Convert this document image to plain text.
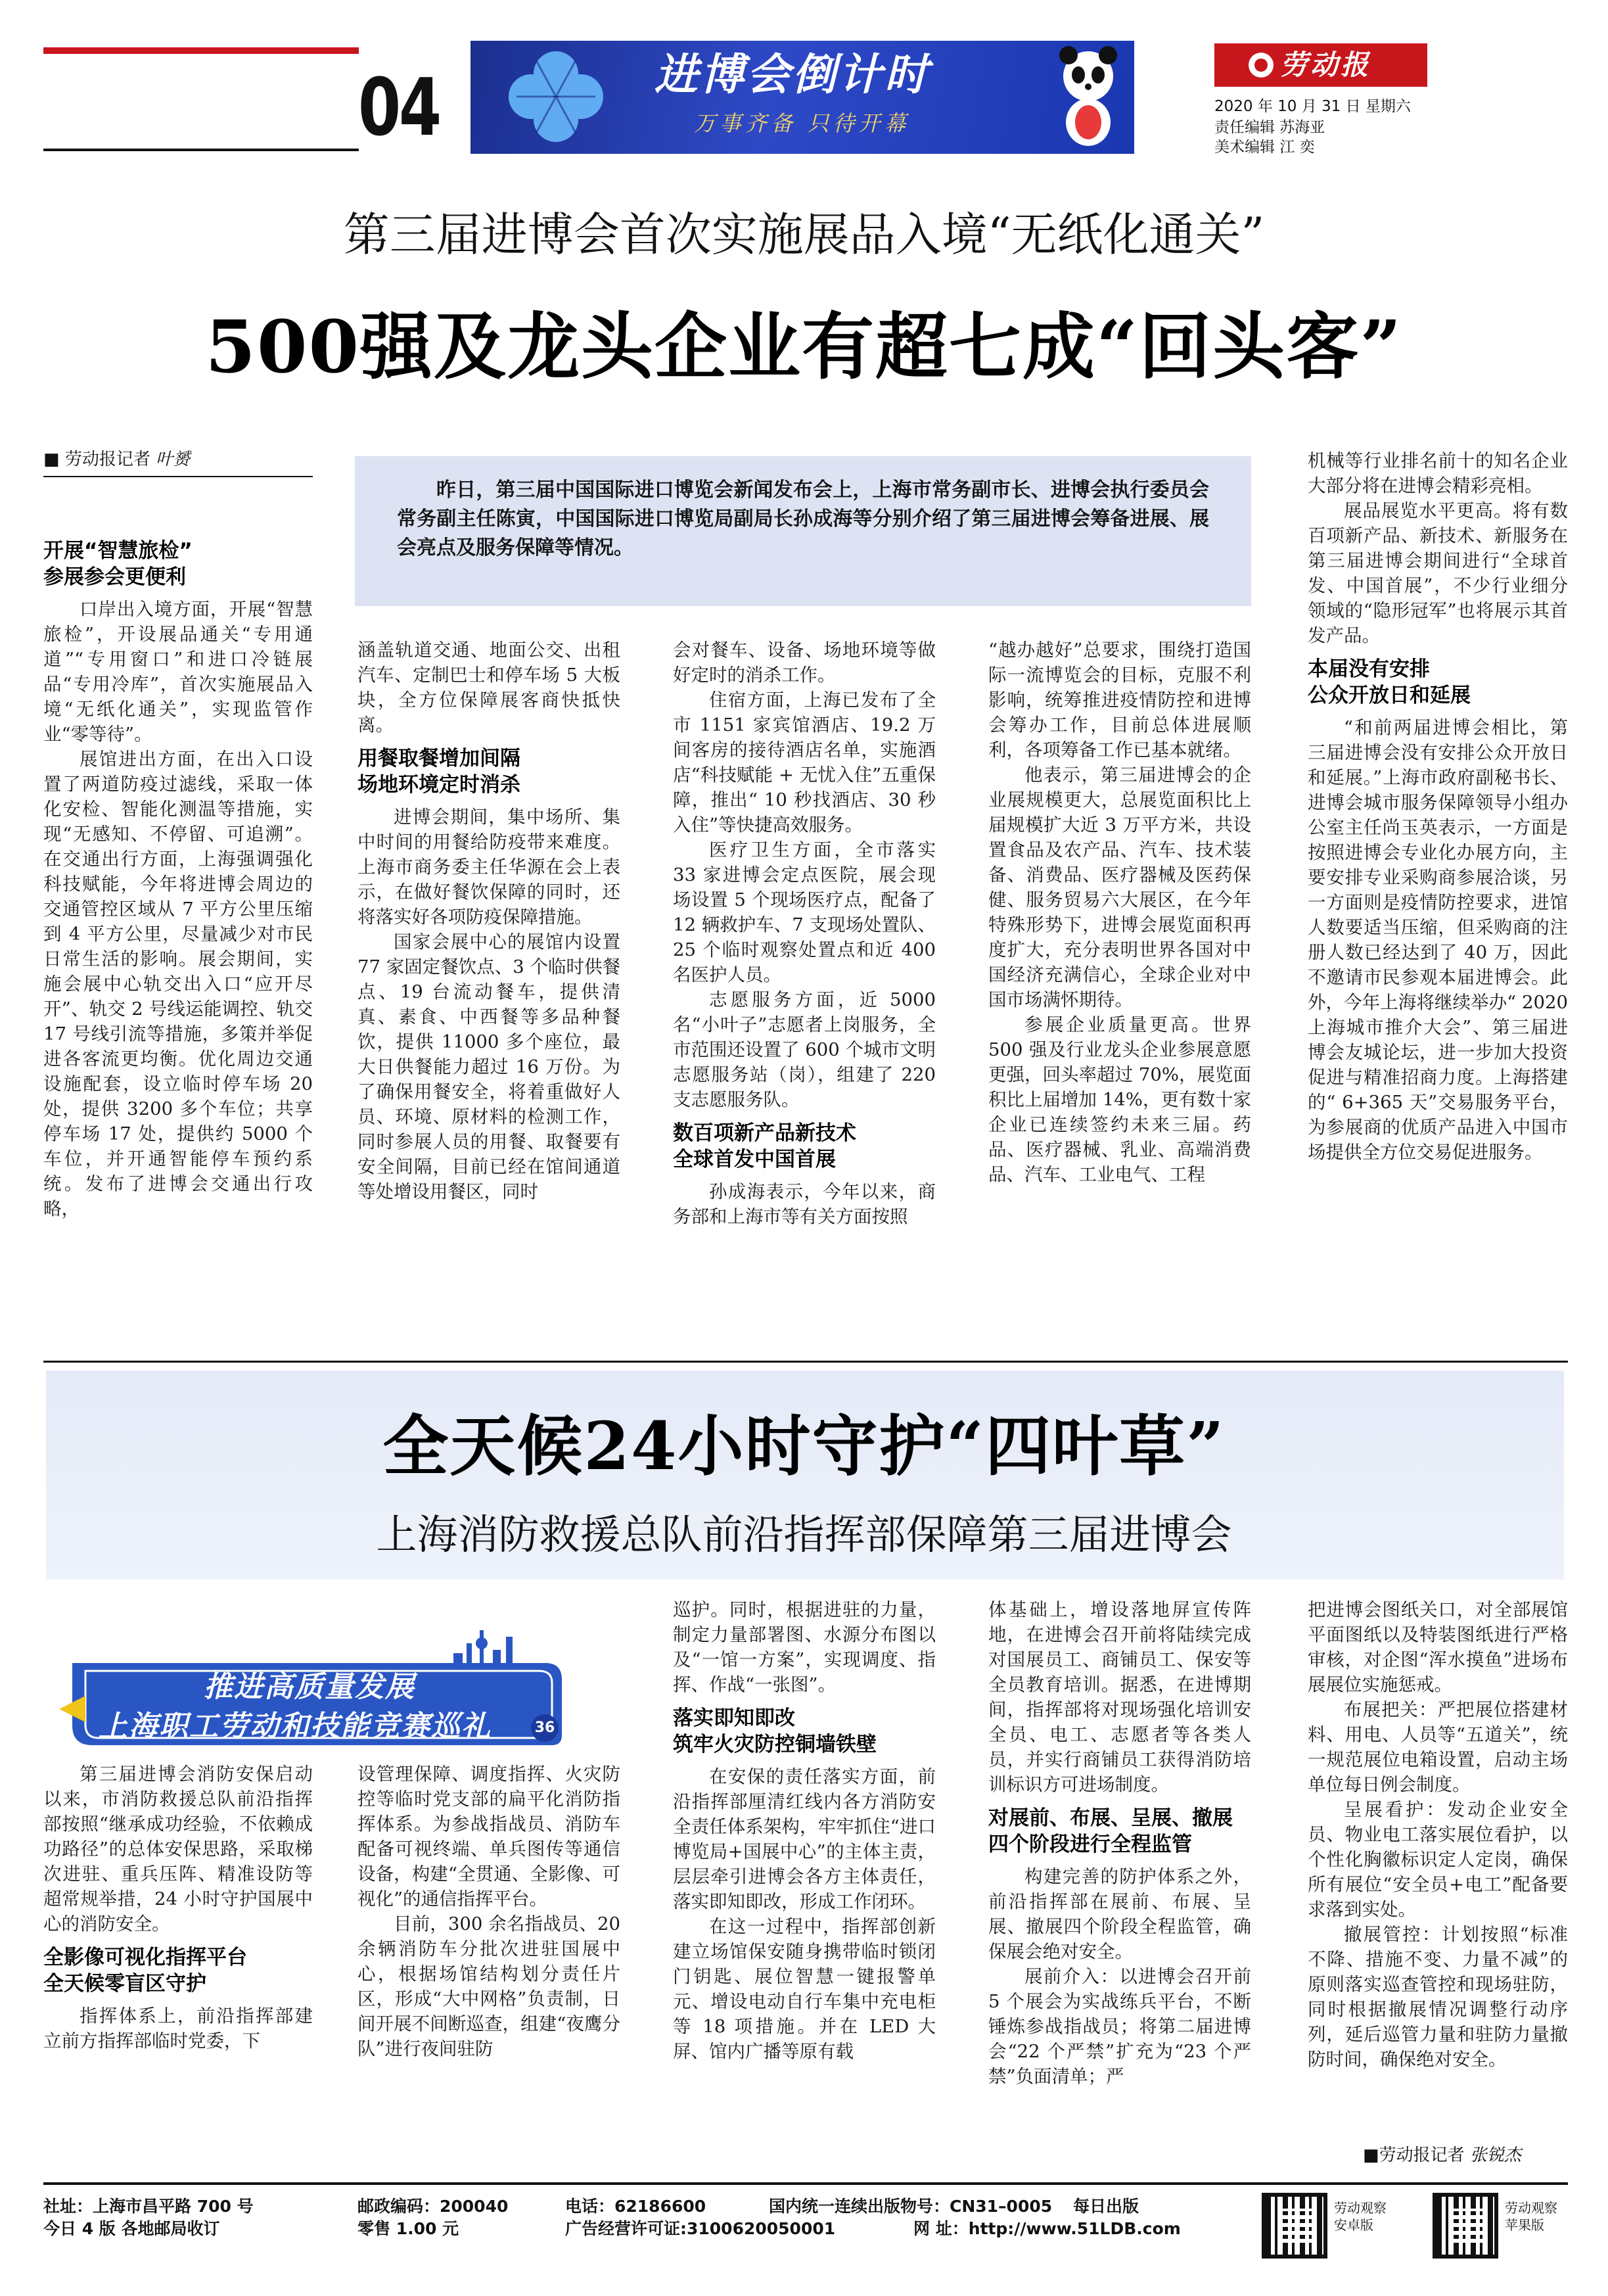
04	进博会倒计时
万事齐备 只待开幕
劳动报
2020 年 10 月 31 日 星期六
责任编辑 苏海亚
美术编辑 江 奕
第三届进博会首次实施展品入境“无纸化通关”
500强及龙头企业有超七成“回头客”
■ 劳动报记者 叶赟

昨日，第三届中国国际进口博览会新闻发布会上，上海市常务副市长、进博会执行委员会常务副主任陈寅，中国国际进口博览局副局长孙成海等分别介绍了第三届进博会筹备进展、展会亮点及服务保障等情况。

开展“智慧旅检”
参展参会更便利

口岸出入境方面，开展“智慧旅检”，开设展品通关“专用通道”“专用窗口”和进口冷链展品“专用冷库”，首次实施展品入境“无纸化通关”，实现监管作业“零等待”。

展馆进出方面，在出入口设置了两道防疫过滤线，采取一体化安检、智能化测温等措施，实现“无感知、不停留、可追溯”。在交通出行方面，上海强调强化科技赋能，今年将进博会周边的交通管控区域从 7 平方公里压缩到 4 平方公里，尽量减少对市民日常生活的影响。展会期间，实施会展中心轨交出入口“应开尽开”、轨交 2 号线运能调控、轨交 17 号线引流等措施，多策并举促进各客流更均衡。优化周边交通设施配套，设立临时停车场 20 处，提供 3200 多个车位；共享停车场 17 处，提供约 5000 个车位，并开通智能停车预约系统。发布了进博会交通出行攻略，

涵盖轨道交通、地面公交、出租汽车、定制巴士和停车场 5 大板块，全方位保障展客商快抵快离。

用餐取餐增加间隔
场地环境定时消杀

进博会期间，集中场所、集中时间的用餐给防疫带来难度。上海市商务委主任华源在会上表示，在做好餐饮保障的同时，还将落实好各项防疫保障措施。

国家会展中心的展馆内设置 77 家固定餐饮点、3 个临时供餐点、19 台流动餐车，提供清真、素食、中西餐等多品种餐饮，提供 11000 多个座位，最大日供餐能力超过 16 万份。为了确保用餐安全，将着重做好人员、环境、原材料的检测工作，同时参展人员的用餐、取餐要有安全间隔，目前已经在馆间通道等处增设用餐区，同时

会对餐车、设备、场地环境等做好定时的消杀工作。

住宿方面，上海已发布了全市 1151 家宾馆酒店、19.2 万间客房的接待酒店名单，实施酒店“科技赋能 + 无忧入住”五重保障，推出“ 10 秒找酒店、30 秒入住”等快捷高效服务。

医疗卫生方面，全市落实 33 家进博会定点医院，展会现场设置 5 个现场医疗点，配备了 12 辆救护车、7 支现场处置队、25 个临时观察处置点和近 400 名医护人员。

志愿服务方面，近 5000 名“小叶子”志愿者上岗服务，全市范围还设置了 600 个城市文明志愿服务站（岗），组建了 220 支志愿服务队。

数百项新产品新技术
全球首发中国首展

孙成海表示，今年以来，商务部和上海市等有关方面按照

“越办越好”总要求，围绕打造国际一流博览会的目标，克服不利影响，统筹推进疫情防控和进博会筹办工作，目前总体进展顺利，各项筹备工作已基本就绪。

他表示，第三届进博会的企业展规模更大，总展览面积比上届规模扩大近 3 万平方米，共设置食品及农产品、汽车、技术装备、消费品、医疗器械及医药保健、服务贸易六大展区，在今年特殊形势下，进博会展览面积再度扩大，充分表明世界各国对中国经济充满信心，全球企业对中国市场满怀期待。

参展企业质量更高。世界 500 强及行业龙头企业参展意愿更强，回头率超过 70%，展览面积比上届增加 14%，更有数十家企业已连续签约未来三届。药品、医疗器械、乳业、高端消费品、汽车、工业电气、工程

机械等行业排名前十的知名企业大部分将在进博会精彩亮相。

展品展览水平更高。将有数百项新产品、新技术、新服务在第三届进博会期间进行“全球首发、中国首展”，不少行业细分领域的“隐形冠军”也将展示其首发产品。

本届没有安排
公众开放日和延展

“和前两届进博会相比，第三届进博会没有安排公众开放日和延展。”上海市政府副秘书长、进博会城市服务保障领导小组办公室主任尚玉英表示，一方面是按照进博会专业化办展方向，主要安排专业采购商参展洽谈，另一方面则是疫情防控要求，进馆人数要适当压缩，但采购商的注册人数已经达到了 40 万，因此不邀请市民参观本届进博会。此外，今年上海将继续举办“ 2020 上海城市推介大会”、第三届进博会友城论坛，进一步加大投资促进与精准招商力度。上海搭建的“ 6+365 天”交易服务平台，为参展商的优质产品进入中国市场提供全方位交易促进服务。

全天候24小时守护“四叶草”
上海消防救援总队前沿指挥部保障第三届进博会
推进高质量发展
上海职工劳动和技能竞赛巡礼	36

第三届进博会消防安保启动以来，市消防救援总队前沿指挥部按照“继承成功经验，不依赖成功路径”的总体安保思路，采取梯次进驻、重兵压阵、精准设防等超常规举措，24 小时守护国展中心的消防安全。

全影像可视化指挥平台
全天候零盲区守护

指挥体系上，前沿指挥部建立前方指挥部临时党委，下

设管理保障、调度指挥、火灾防控等临时党支部的扁平化消防指挥体系。为参战指战员、消防车配备可视终端、单兵图传等通信设备，构建“全贯通、全影像、可视化”的通信指挥平台。

目前，300 余名指战员、20 余辆消防车分批次进驻国展中心，根据场馆结构划分责任片区，形成“大中网格”负责制，日间开展不间断巡查，组建“夜鹰分队”进行夜间驻防

巡护。同时，根据进驻的力量，制定力量部署图、水源分布图以及“一馆一方案”，实现调度、指挥、作战“一张图”。

落实即知即改
筑牢火灾防控铜墙铁壁

在安保的责任落实方面，前沿指挥部厘清红线内各方消防安全责任体系架构，牢牢抓住“进口博览局+国展中心”的主体主责，层层牵引进博会各方主体责任，落实即知即改，形成工作闭环。

在这一过程中，指挥部创新建立场馆保安随身携带临时锁闭门钥匙、展位智慧一键报警单元、增设电动自行车集中充电柜等 18 项措施。并在 LED 大屏、馆内广播等原有载

体基础上，增设落地屏宣传阵地，在进博会召开前将陆续完成对国展员工、商铺员工、保安等全员教育培训。据悉，在进博期间，指挥部将对现场强化培训安全员、电工、志愿者等各类人员，并实行商铺员工获得消防培训标识方可进场制度。

对展前、布展、呈展、撤展
四个阶段进行全程监管

构建完善的防护体系之外，前沿指挥部在展前、布展、呈展、撤展四个阶段全程监管，确保展会绝对安全。

展前介入：以进博会召开前 5 个展会为实战练兵平台，不断锤炼参战指战员；将第二届进博会“22 个严禁”扩充为“23 个严禁”负面清单；严

把进博会图纸关口，对全部展馆平面图纸以及特装图纸进行严格审核，对企图“浑水摸鱼”进场布展展位实施惩戒。

布展把关：严把展位搭建材料、用电、人员等“五道关”，统一规范展位电箱设置，启动主场单位每日例会制度。

呈展看护：发动企业安全员、物业电工落实展位看护，以个性化胸徽标识定人定岗，确保所有展位“安全员+电工”配备要求落到实处。

撤展管控：计划按照“标准不降、措施不变、力量不减”的原则落实巡查管控和现场驻防，同时根据撤展情况调整行动序列，延后巡管力量和驻防力量撤防时间，确保绝对安全。

■劳动报记者 张锐杰
社址：上海市昌平路 700 号
今日 4 版 各地邮局收订
邮政编码：200040
零售 1.00 元
电话：62186600
广告经营许可证:3100620050001
国内统一连续出版物号：CN31–0005 每日出版
网 址：http://www.51LDB.com
劳动观察
安卓版
劳动观察
苹果版
